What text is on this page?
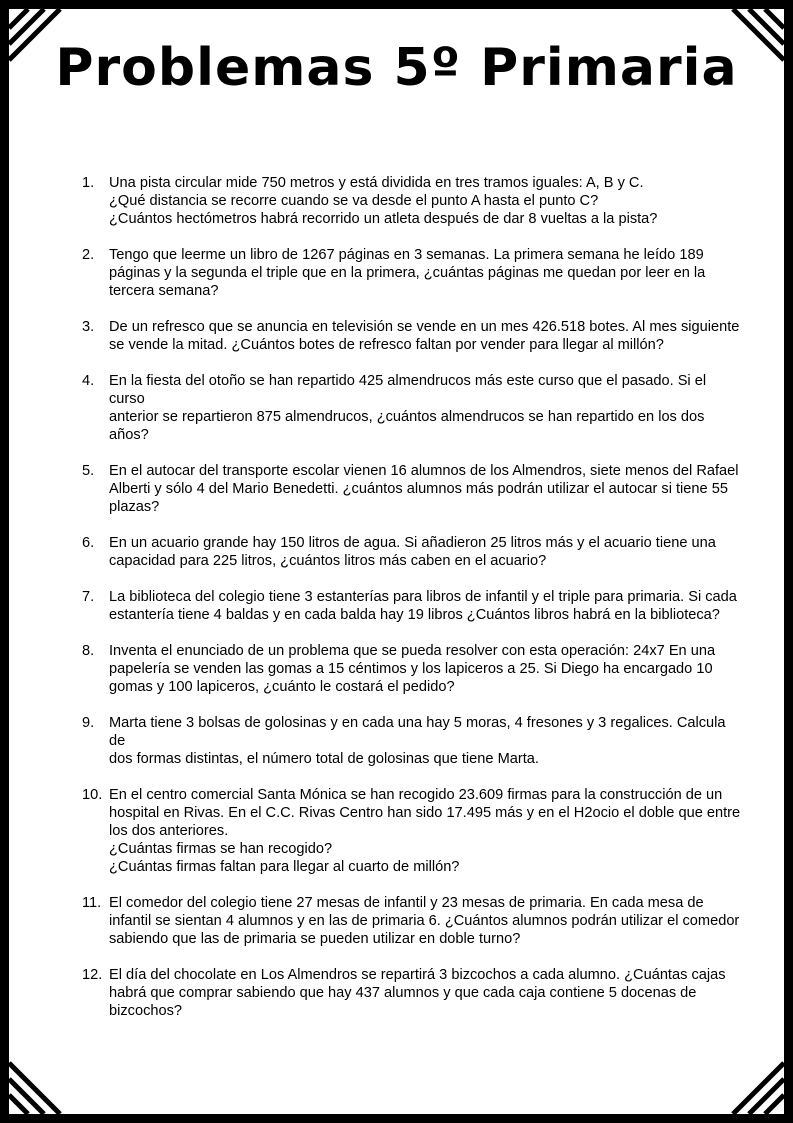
Problemas 5º Primaria
1.	Una pista circular mide 750 metros y está dividida en tres tramos iguales: A, B y C.
¿Qué distancia se recorre cuando se va desde el punto A hasta el punto C?
¿Cuántos hectómetros habrá recorrido un atleta después de dar 8 vueltas a la pista?
2.	Tengo que leerme un libro de 1267 páginas en 3 semanas. La primera semana he leído 189
páginas y la segunda el triple que en la primera, ¿cuántas páginas me quedan por leer en la
tercera semana?
3.	De un refresco que se anuncia en televisión se vende en un mes 426.518 botes. Al mes siguiente
se vende la mitad. ¿Cuántos botes de refresco faltan por vender para llegar al millón?
4.	En la fiesta del otoño se han repartido 425 almendrucos más este curso que el pasado. Si el curso
anterior se repartieron 875 almendrucos, ¿cuántos almendrucos se han repartido en los dos
años?
5.	En el autocar del transporte escolar vienen 16 alumnos de los Almendros, siete menos del Rafael
Alberti y sólo 4 del Mario Benedetti. ¿cuántos alumnos más podrán utilizar el autocar si tiene 55
plazas?
6.	En un acuario grande hay 150 litros de agua. Si añadieron 25 litros más y el acuario tiene una
capacidad para 225 litros, ¿cuántos litros más caben en el acuario?
7.	La biblioteca del colegio tiene 3 estanterías para libros de infantil y el triple para primaria. Si cada
estantería tiene 4 baldas y en cada balda hay 19 libros ¿Cuántos libros habrá en la biblioteca?
8.	Inventa el enunciado de un problema que se pueda resolver con esta operación: 24x7 En una
papelería se venden las gomas a 15 céntimos y los lapiceros a 25. Si Diego ha encargado 10
gomas y 100 lapiceros, ¿cuánto le costará el pedido?
9.	Marta tiene 3 bolsas de golosinas y en cada una hay 5 moras, 4 fresones y 3 regalices. Calcula de
dos formas distintas, el número total de golosinas que tiene Marta.
10. En el centro comercial Santa Mónica se han recogido 23.609 firmas para la construcción de un
hospital en Rivas. En el C.C. Rivas Centro han sido 17.495 más y en el H2ocio el doble que entre
los dos anteriores.
¿Cuántas firmas se han recogido?
¿Cuántas firmas faltan para llegar al cuarto de millón?
11. El comedor del colegio tiene 27 mesas de infantil y 23 mesas de primaria. En cada mesa de
infantil se sientan 4 alumnos y en las de primaria 6. ¿Cuántos alumnos podrán utilizar el comedor
sabiendo que las de primaria se pueden utilizar en doble turno?
12. El día del chocolate en Los Almendros se repartirá 3 bizcochos a cada alumno. ¿Cuántas cajas
habrá que comprar sabiendo que hay 437 alumnos y que cada caja contiene 5 docenas de
bizcochos?
